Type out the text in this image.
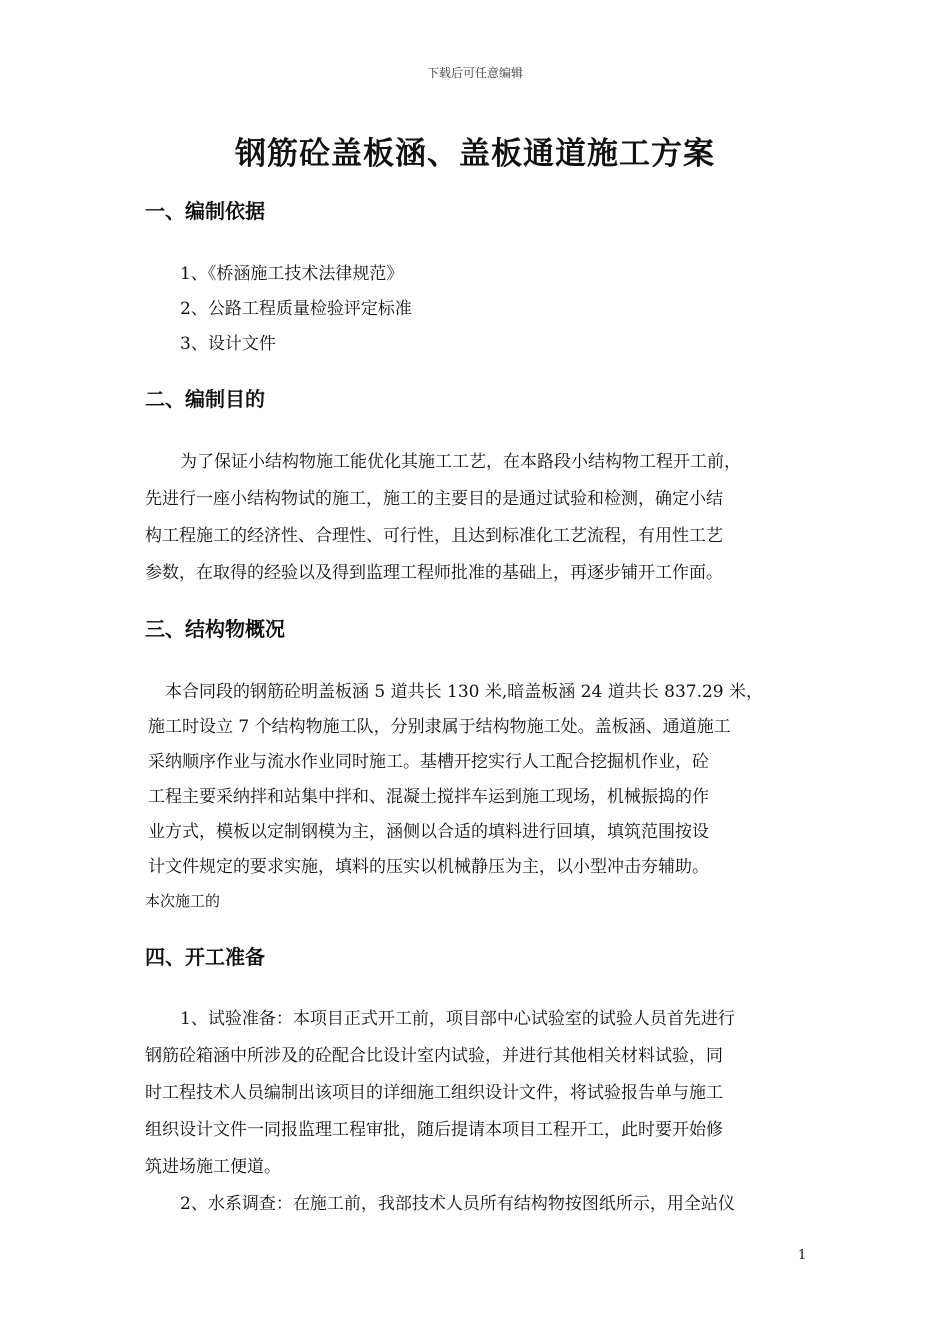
下载后可任意编辑
钢筋砼盖板涵、盖板通道施工方案
一、编制依据
1、《桥涵施工技术法律规范》
2、公路工程质量检验评定标准
3、设计文件
二、编制目的
为了保证小结构物施工能优化其施工工艺，在本路段小结构物工程开工前，
先进行一座小结构物试的施工，施工的主要目的是通过试验和检测，确定小结
构工程施工的经济性、合理性、可行性，且达到标准化工艺流程，有用性工艺
参数，在取得的经验以及得到监理工程师批准的基础上，再逐步铺开工作面。
三、结构物概况
本合同段的钢筋砼明盖板涵 5 道共长 130 米,暗盖板涵 24 道共长 837.29 米，
施工时设立 7 个结构物施工队，分别隶属于结构物施工处。盖板涵、通道施工
采纳顺序作业与流水作业同时施工。基槽开挖实行人工配合挖掘机作业，砼
工程主要采纳拌和站集中拌和、混凝土搅拌车运到施工现场，机械振捣的作
业方式，模板以定制钢模为主，涵侧以合适的填料进行回填，填筑范围按设
计文件规定的要求实施，填料的压实以机械静压为主，以小型冲击夯辅助。
本次施工的
四、开工准备
1、试验准备：本项目正式开工前，项目部中心试验室的试验人员首先进行
钢筋砼箱涵中所涉及的砼配合比设计室内试验，并进行其他相关材料试验，同
时工程技术人员编制出该项目的详细施工组织设计文件，将试验报告单与施工
组织设计文件一同报监理工程审批，随后提请本项目工程开工，此时要开始修
筑进场施工便道。
2、水系调查：在施工前，我部技术人员所有结构物按图纸所示，用全站仪
1
